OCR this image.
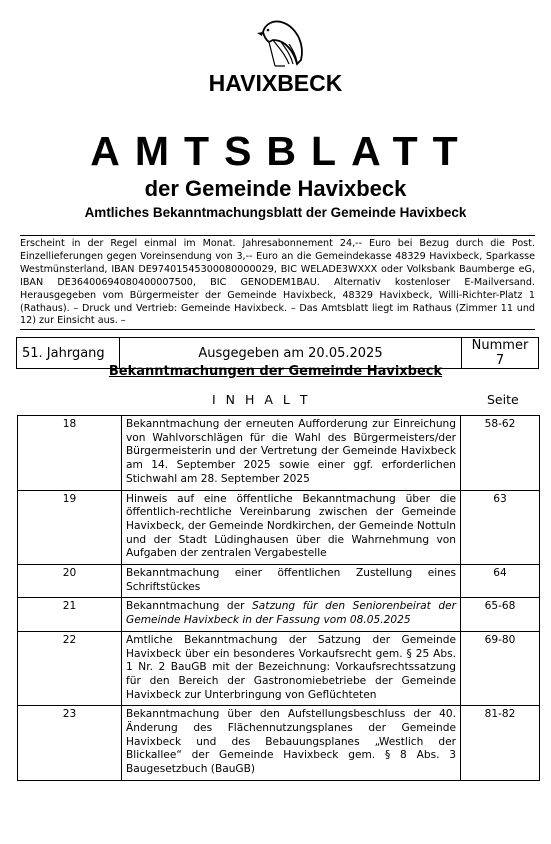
HAVIXBECK
AMTSBLATT
der Gemeinde Havixbeck
Amtliches Bekanntmachungsblatt der Gemeinde Havixbeck
Erscheint in der Regel einmal im Monat. Jahresabonnement 24,-- Euro bei Bezug durch die Post. Einzellieferungen gegen Voreinsendung von 3,-- Euro an die Gemeindekasse 48329 Havixbeck, Sparkasse Westmünsterland, IBAN DE97401545300080000029, BIC WELADE3WXXX oder Volksbank Baumberge eG, IBAN DE36400694080400007500, BIC GENODEM1BAU. Alternativ kostenloser E-Mailversand. Herausgegeben vom Bürgermeister der Gemeinde Havixbeck, 48329 Havixbeck, Willi-Richter-Platz 1 (Rathaus). – Druck und Vertrieb: Gemeinde Havixbeck. – Das Amtsblatt liegt im Rathaus (Zimmer 11 und 12) zur Einsicht aus. –
51. Jahrgang	Ausgegeben am 20.05.2025	Nummer 7
Bekanntmachungen der Gemeinde Havixbeck
I N H A L T	Seite
18	Bekanntmachung der erneuten Aufforderung zur Einreichung von Wahlvorschlägen für die Wahl des Bürgermeisters/der Bürgermeisterin und der Vertretung der Gemeinde Havixbeck am 14. September 2025 sowie einer ggf. erforderlichen Stichwahl am 28. September 2025	58-62
19	Hinweis auf eine öffentliche Bekanntmachung über die öffentlich-rechtliche Vereinbarung zwischen der Gemeinde Havixbeck, der Gemeinde Nordkirchen, der Gemeinde Nottuln und der Stadt Lüdinghausen über die Wahrnehmung von Aufgaben der zentralen Vergabestelle	63
20	Bekanntmachung einer öffentlichen Zustellung eines Schriftstückes	64
21	Bekanntmachung der Satzung für den Seniorenbeirat der Gemeinde Havixbeck in der Fassung vom 08.05.2025	65-68
22	Amtliche Bekanntmachung der Satzung der Gemeinde Havixbeck über ein besonderes Vorkaufsrecht gem. § 25 Abs. 1 Nr. 2 BauGB mit der Bezeichnung: Vorkaufsrechtssatzung für den Bereich der Gastronomiebetriebe der Gemeinde Havixbeck zur Unterbringung von Geflüchteten	69-80
23	Bekanntmachung über den Aufstellungsbeschluss der 40. Änderung des Flächennutzungsplanes der Gemeinde Havixbeck und des Bebauungsplanes „Westlich der Blickallee“ der Gemeinde Havixbeck gem. § 8 Abs. 3 Baugesetzbuch (BauGB)	81-82
